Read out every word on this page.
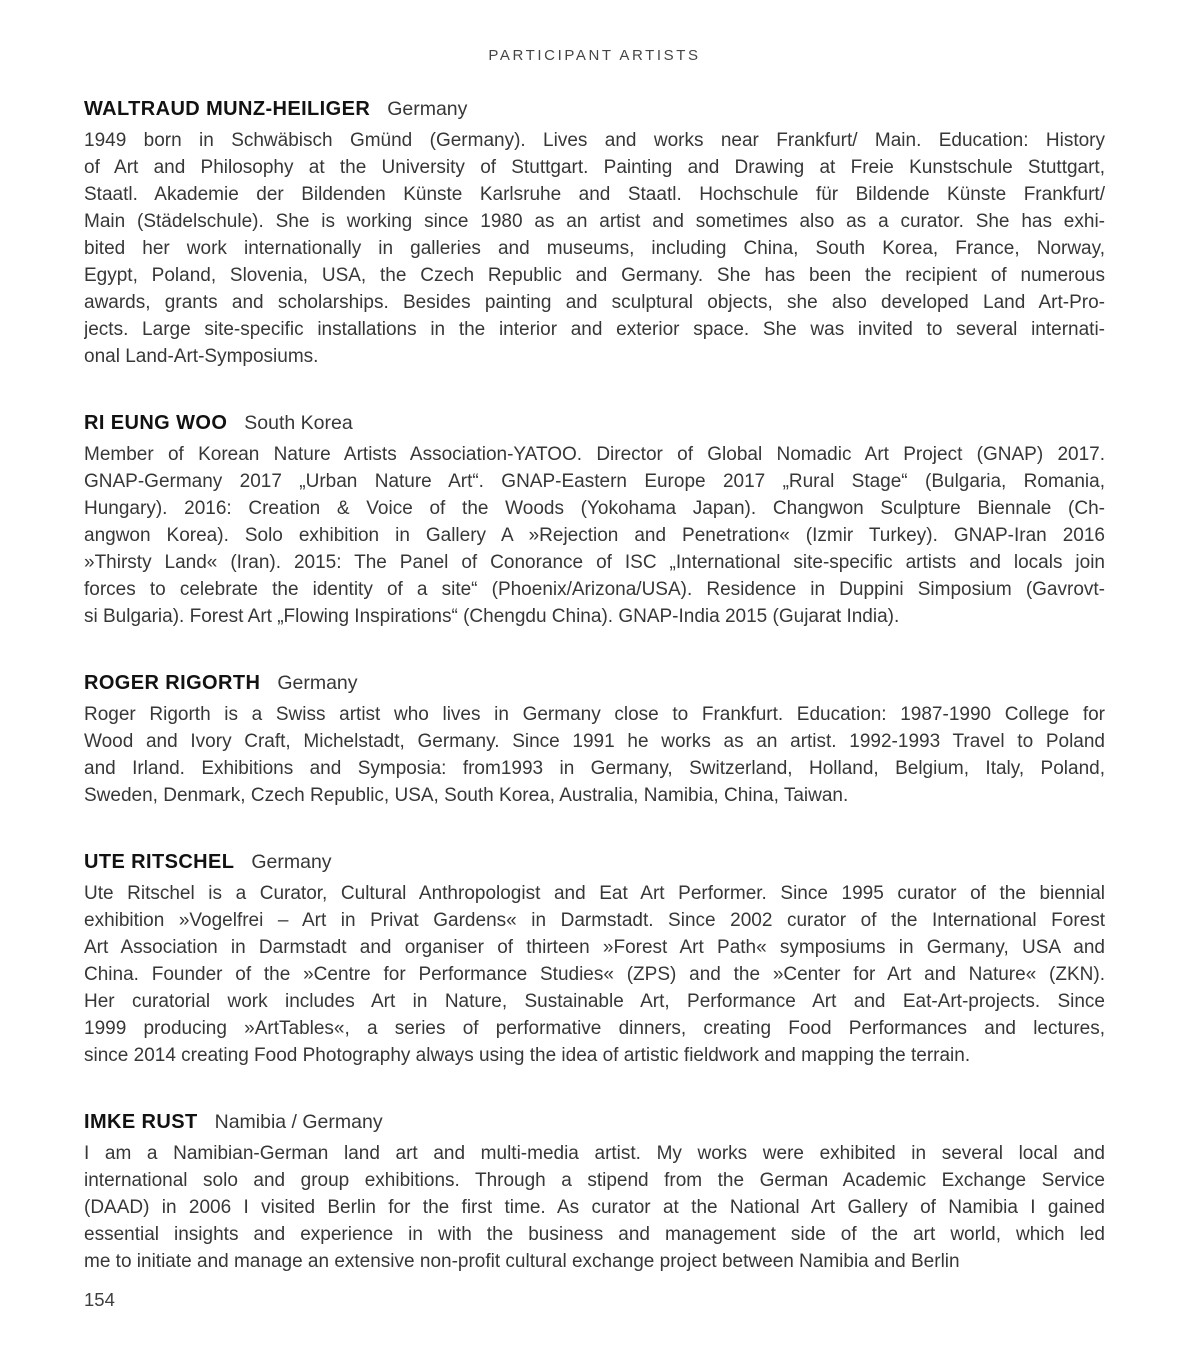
PARTICIPANT ARTISTS
WALTRAUD MUNZ-HEILIGER Germany
1949 born in Schwäbisch Gmünd (Germany). Lives and works near Frankfurt/ Main. Education: History
of Art and Philosophy at the University of Stuttgart. Painting and Drawing at Freie Kunstschule Stuttgart,
Staatl. Akademie der Bildenden Künste Karlsruhe and Staatl. Hochschule für Bildende Künste Frankfurt/
Main (Städelschule). She is working since 1980 as an artist and sometimes also as a curator. She has exhi-
bited her work internationally in galleries and museums, including China, South Korea, France, Norway,
Egypt, Poland, Slovenia, USA, the Czech Republic and Germany. She has been the recipient of numerous
awards, grants and scholarships. Besides painting and sculptural objects, she also developed Land Art-Pro-
jects. Large site-specific installations in the interior and exterior space. She was invited to several internati-
onal Land-Art-Symposiums.
RI EUNG WOO South Korea
Member of Korean Nature Artists Association-YATOO. Director of Global Nomadic Art Project (GNAP) 2017.
GNAP-Germany 2017 „Urban Nature Art“. GNAP-Eastern Europe 2017 „Rural Stage“ (Bulgaria, Romania,
Hungary). 2016: Creation & Voice of the Woods (Yokohama Japan). Changwon Sculpture Biennale (Ch-
angwon Korea). Solo exhibition in Gallery A »Rejection and Penetration« (Izmir Turkey). GNAP-Iran 2016
»Thirsty Land« (Iran). 2015: The Panel of Conorance of ISC „International site-specific artists and locals join
forces to celebrate the identity of a site“ (Phoenix/Arizona/USA). Residence in Duppini Simposium (Gavrovt-
si Bulgaria). Forest Art „Flowing Inspirations“ (Chengdu China). GNAP-India 2015 (Gujarat India).
ROGER RIGORTH Germany
Roger Rigorth is a Swiss artist who lives in Germany close to Frankfurt. Education: 1987-1990 College for
Wood and Ivory Craft, Michelstadt, Germany. Since 1991 he works as an artist. 1992-1993 Travel to Poland
and Irland. Exhibitions and Symposia: from1993 in Germany, Switzerland, Holland, Belgium, Italy, Poland,
Sweden, Denmark, Czech Republic, USA, South Korea, Australia, Namibia, China, Taiwan.
UTE RITSCHEL Germany
Ute Ritschel is a Curator, Cultural Anthropologist and Eat Art Performer. Since 1995 curator of the biennial
exhibition »Vogelfrei – Art in Privat Gardens« in Darmstadt. Since 2002 curator of the International Forest
Art Association in Darmstadt and organiser of thirteen »Forest Art Path« symposiums in Germany, USA and
China. Founder of the »Centre for Performance Studies« (ZPS) and the »Center for Art and Nature« (ZKN).
Her curatorial work includes Art in Nature, Sustainable Art, Performance Art and Eat-Art-projects. Since
1999 producing »ArtTables«, a series of performative dinners, creating Food Performances and lectures,
since 2014 creating Food Photography always using the idea of artistic fieldwork and mapping the terrain.
IMKE RUST Namibia / Germany
I am a Namibian-German land art and multi-media artist. My works were exhibited in several local and
international solo and group exhibitions. Through a stipend from the German Academic Exchange Service
(DAAD) in 2006 I visited Berlin for the first time. As curator at the National Art Gallery of Namibia I gained
essential insights and experience in with the business and management side of the art world, which led
me to initiate and manage an extensive non-profit cultural exchange project between Namibia and Berlin
154
